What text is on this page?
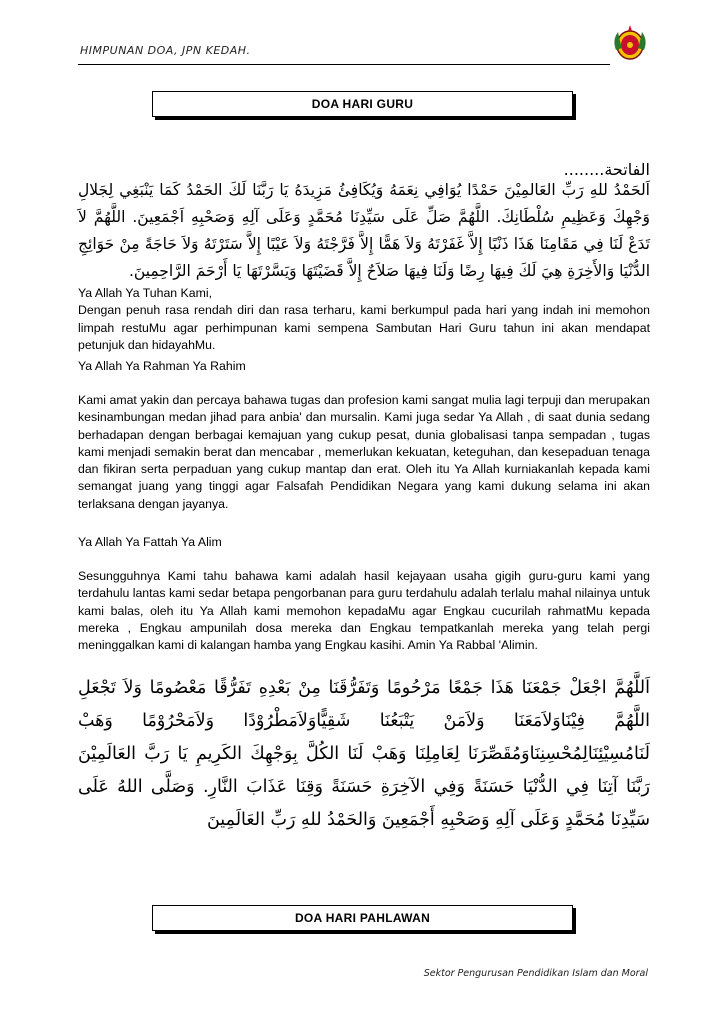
HIMPUNAN DOA, JPN KEDAH.
DOA HARI GURU
الفاتحة........
اَلحَمْدُ للهِ رَبِّ العَالمِيْنَ حَمْدًا يُوَافِي نِعَمَهُ وَيُكَافِئُ مَزِيدَهُ يَا رَبَّنَا لَكَ الحَمْدُ كَمَا يَنْبَغِي لِجَلالِ وَجْهِكَ وَعَظِيمِ سُلْطَانِكَ. اللَّهُمَّ صَلِّ عَلَى سَيِّدِنَا مُحَمَّدٍ وَعَلَى آلِهِ وَصَحْبِهِ اَجْمَعِينَ. اللَّهُمَّ لاَ تَدَعْ لَنَا فِي مَقَامِنَا هَذَا ذَنْبًا إِلاَّ غَفَرْتَهُ وَلاَ هَمًّا إِلاَّ فَرَّجْتَهُ وَلاَ عَيْبًا إِلاَّ سَتَرْتَهُ وَلاَ حَاجَةً مِنْ حَوَائِجِ الدُّنْيَا وَالأَخِرَةِ هِيَ لَكَ فِيهَا رِضًا وَلَنَا فِيهَا صَلاَحٌ إِلاَّ قَضَيْتَهَا وَيَسَّرْتَهَا يَا أَرْحَمَ الرَّاحِمِينَ.

Ya Allah Ya Tuhan Kami,
Dengan penuh rasa rendah diri dan rasa terharu, kami berkumpul pada hari yang indah ini memohon limpah restuMu agar perhimpunan kami sempena Sambutan Hari Guru tahun ini akan mendapat petunjuk dan hidayahMu.

Ya Allah Ya Rahman Ya Rahim

Kami amat yakin dan percaya bahawa tugas dan profesion kami sangat mulia lagi terpuji dan merupakan kesinambungan medan jihad para anbia' dan mursalin. Kami juga sedar Ya Allah , di saat dunia sedang berhadapan dengan berbagai kemajuan yang cukup pesat, dunia globalisasi tanpa sempadan , tugas kami menjadi semakin berat dan mencabar , memerlukan kekuatan, keteguhan, dan kesepaduan tenaga dan fikiran serta perpaduan yang cukup mantap dan erat. Oleh itu Ya Allah kurniakanlah kepada kami semangat juang yang tinggi agar Falsafah Pendidikan Negara yang kami dukung selama ini akan terlaksana dengan jayanya.

Ya Allah Ya Fattah Ya Alim

Sesungguhnya Kami tahu bahawa kami adalah hasil kejayaan usaha gigih guru-guru kami yang terdahulu lantas kami sedar betapa pengorbanan para guru terdahulu adalah terlalu mahal nilainya untuk kami balas, oleh itu Ya Allah kami memohon kepadaMu agar Engkau cucurilah rahmatMu kepada mereka , Engkau ampunilah dosa mereka dan Engkau tempatkanlah mereka yang telah pergi meninggalkan kami di kalangan hamba yang Engkau kasihi. Amin Ya Rabbal 'Alimin.

اَللَّهُمَّ اجْعَلْ جَمْعَنَا هَذَا جَمْعًا مَرْحُومًا وَتَفَرُّقَنَا مِنْ بَعْدِهِ تَفَرُّقًا مَعْصُومًا وَلاَ تَجْعَلِ اللَّهُمَّ فِيْنَاوَلاَمَعَنَا وَلاَمَنْ يَتْبَعُنَا شَقِيًّاوَلاَمَطْرُوْدًا وَلاَمَحْرُوْمًا وَهَبْ لَنَامُسِيْئِنَالِمُحْسِنِنَاوَمُقَصِّرَنَا لِعَامِلِنَا وَهَبْ لَنَا الكُلَّ بِوَجْهِكَ الكَرِيمِ يَا رَبَّ العَالَمِيْنَ رَبَّنَا آتِنَا فِي الدُّنْيَا حَسَنَةً وَفِي الآخِرَةِ حَسَنَةً وَقِنَا عَذَابَ النَّارِ. وَصَلَّى اللهُ عَلَى سَيِّدِنَا مُحَمَّدٍ وَعَلَى آلِهِ وَصَحْبِهِ أَجْمَعِينَ وَالحَمْدُ للهِ رَبِّ العَالَمِينَ
DOA HARI PAHLAWAN
Sektor Pengurusan Pendidikan Islam dan Moral
